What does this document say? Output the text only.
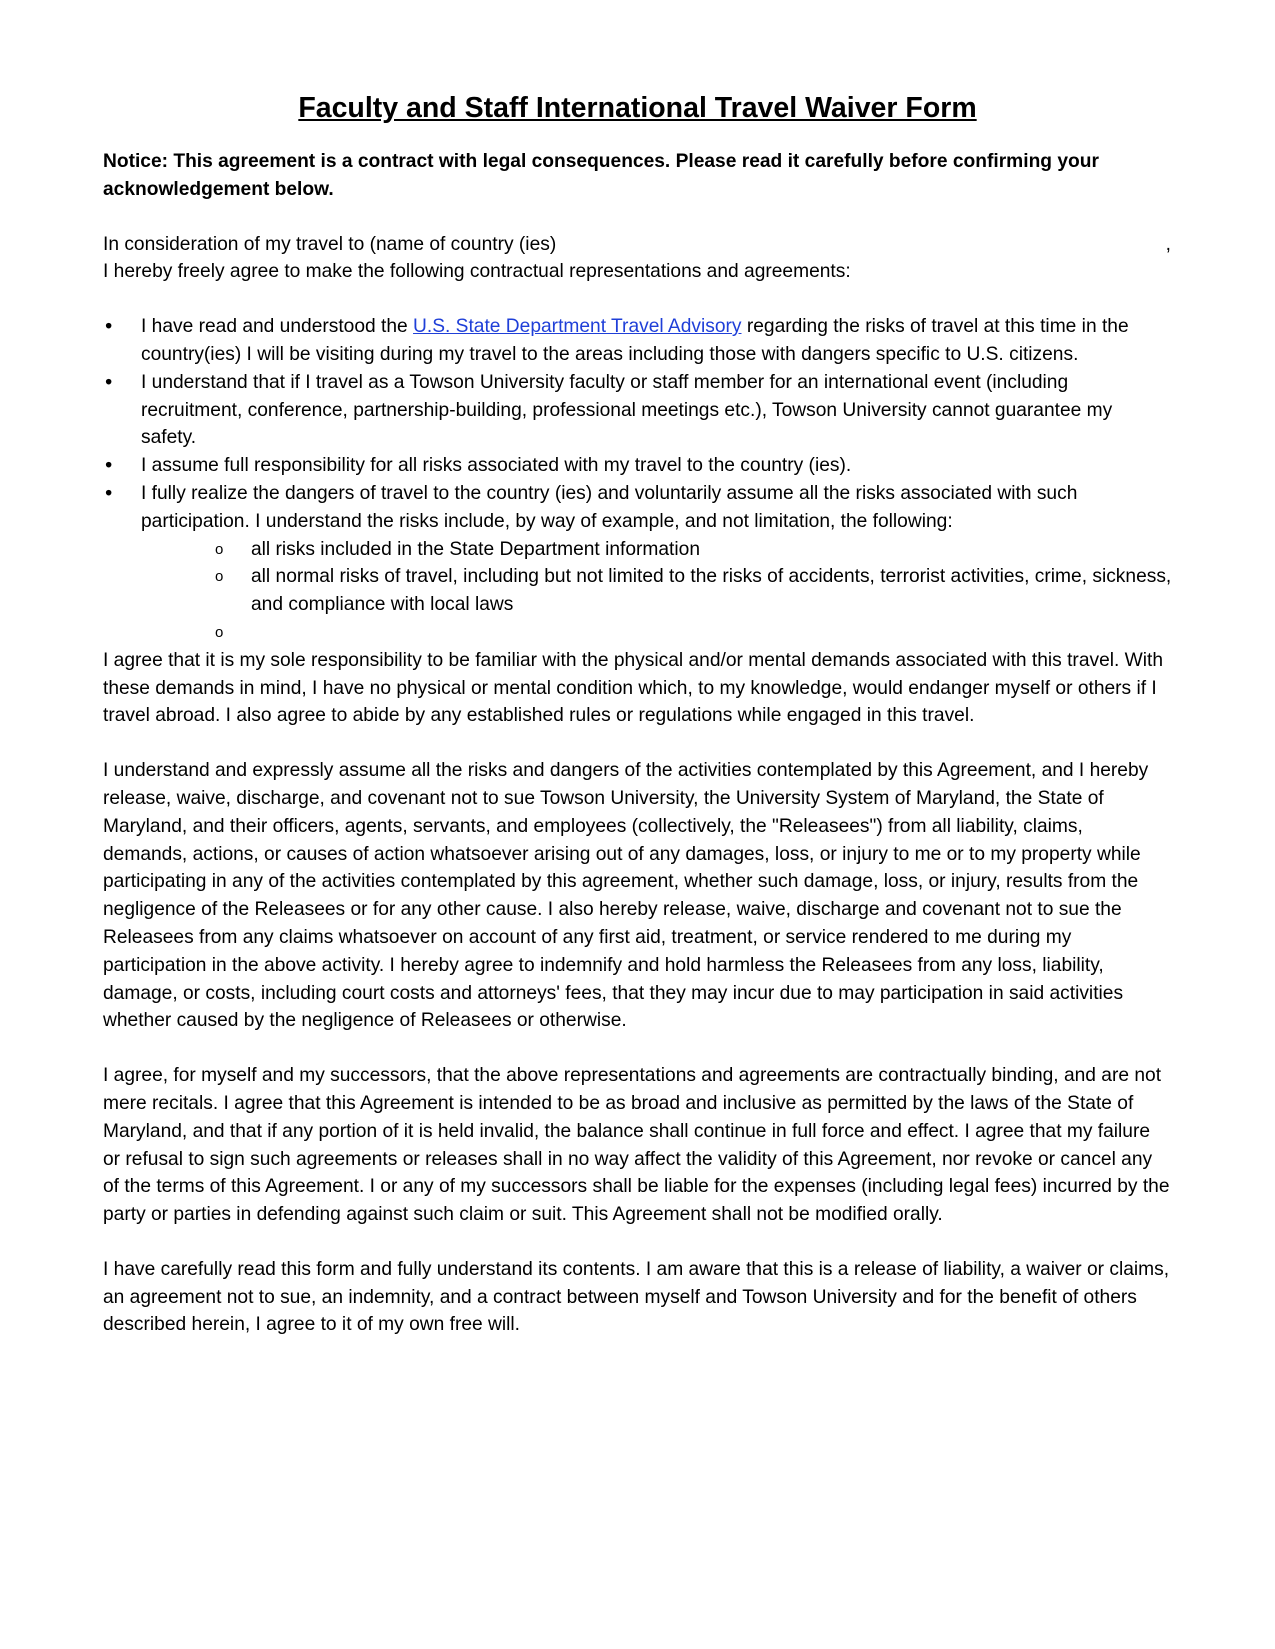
Faculty and Staff International Travel Waiver Form
Notice: This agreement is a contract with legal consequences. Please read it carefully before confirming your acknowledgement below.
In consideration of my travel to (name of country (ies)	,
I hereby freely agree to make the following contractual representations and agreements:
• I have read and understood the U.S. State Department Travel Advisory regarding the risks of travel at this time in the country(ies) I will be visiting during my travel to the areas including those with dangers specific to U.S. citizens.
• I understand that if I travel as a Towson University faculty or staff member for an international event (including recruitment, conference, partnership-building, professional meetings etc.), Towson University cannot guarantee my safety.
• I assume full responsibility for all risks associated with my travel to the country (ies).
• I fully realize the dangers of travel to the country (ies) and voluntarily assume all the risks associated with such participation. I understand the risks include, by way of example, and not limitation, the following:
o all risks included in the State Department information
o all normal risks of travel, including but not limited to the risks of accidents, terrorist activities, crime, sickness, and compliance with local laws
o

I agree that it is my sole responsibility to be familiar with the physical and/or mental demands associated with this travel. With these demands in mind, I have no physical or mental condition which, to my knowledge, would endanger myself or others if I travel abroad. I also agree to abide by any established rules or regulations while engaged in this travel.

I understand and expressly assume all the risks and dangers of the activities contemplated by this Agreement, and I hereby release, waive, discharge, and covenant not to sue Towson University, the University System of Maryland, the State of Maryland, and their officers, agents, servants, and employees (collectively, the "Releasees") from all liability, claims, demands, actions, or causes of action whatsoever arising out of any damages, loss, or injury to me or to my property while participating in any of the activities contemplated by this agreement, whether such damage, loss, or injury, results from the negligence of the Releasees or for any other cause. I also hereby release, waive, discharge and covenant not to sue the Releasees from any claims whatsoever on account of any first aid, treatment, or service rendered to me during my participation in the above activity. I hereby agree to indemnify and hold harmless the Releasees from any loss, liability, damage, or costs, including court costs and attorneys' fees, that they may incur due to may participation in said activities whether caused by the negligence of Releasees or otherwise.

I agree, for myself and my successors, that the above representations and agreements are contractually binding, and are not mere recitals. I agree that this Agreement is intended to be as broad and inclusive as permitted by the laws of the State of Maryland, and that if any portion of it is held invalid, the balance shall continue in full force and effect. I agree that my failure or refusal to sign such agreements or releases shall in no way affect the validity of this Agreement, nor revoke or cancel any of the terms of this Agreement. I or any of my successors shall be liable for the expenses (including legal fees) incurred by the party or parties in defending against such claim or suit. This Agreement shall not be modified orally.

I have carefully read this form and fully understand its contents. I am aware that this is a release of liability, a waiver or claims, an agreement not to sue, an indemnity, and a contract between myself and Towson University and for the benefit of others described herein, I agree to it of my own free will.
